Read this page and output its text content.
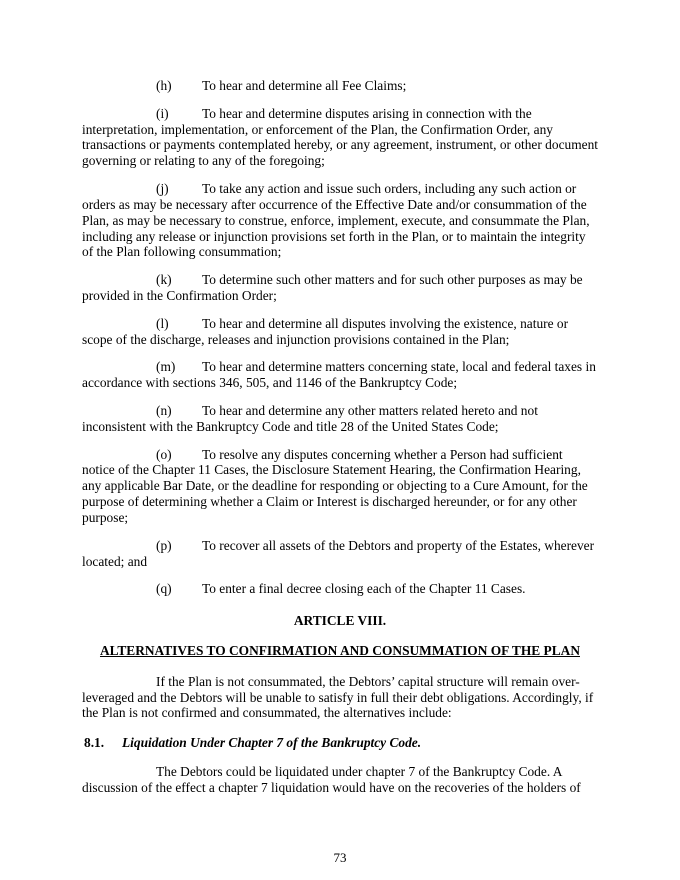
(h) To hear and determine all Fee Claims;

(i) To hear and determine disputes arising in connection with the interpretation, implementation, or enforcement of the Plan, the Confirmation Order, any transactions or payments contemplated hereby, or any agreement, instrument, or other document governing or relating to any of the foregoing;

(j) To take any action and issue such orders, including any such action or orders as may be necessary after occurrence of the Effective Date and/or consummation of the Plan, as may be necessary to construe, enforce, implement, execute, and consummate the Plan, including any release or injunction provisions set forth in the Plan, or to maintain the integrity of the Plan following consummation;

(k) To determine such other matters and for such other purposes as may be provided in the Confirmation Order;

(l) To hear and determine all disputes involving the existence, nature or scope of the discharge, releases and injunction provisions contained in the Plan;

(m) To hear and determine matters concerning state, local and federal taxes in accordance with sections 346, 505, and 1146 of the Bankruptcy Code;

(n) To hear and determine any other matters related hereto and not inconsistent with the Bankruptcy Code and title 28 of the United States Code;

(o) To resolve any disputes concerning whether a Person had sufficient notice of the Chapter 11 Cases, the Disclosure Statement Hearing, the Confirmation Hearing, any applicable Bar Date, or the deadline for responding or objecting to a Cure Amount, for the purpose of determining whether a Claim or Interest is discharged hereunder, or for any other purpose;

(p) To recover all assets of the Debtors and property of the Estates, wherever located; and

(q) To enter a final decree closing each of the Chapter 11 Cases.

ARTICLE VIII.

ALTERNATIVES TO CONFIRMATION AND CONSUMMATION OF THE PLAN

If the Plan is not consummated, the Debtors’ capital structure will remain over-leveraged and the Debtors will be unable to satisfy in full their debt obligations. Accordingly, if the Plan is not confirmed and consummated, the alternatives include:

8.1. Liquidation Under Chapter 7 of the Bankruptcy Code.

The Debtors could be liquidated under chapter 7 of the Bankruptcy Code. A discussion of the effect a chapter 7 liquidation would have on the recoveries of the holders of

73
